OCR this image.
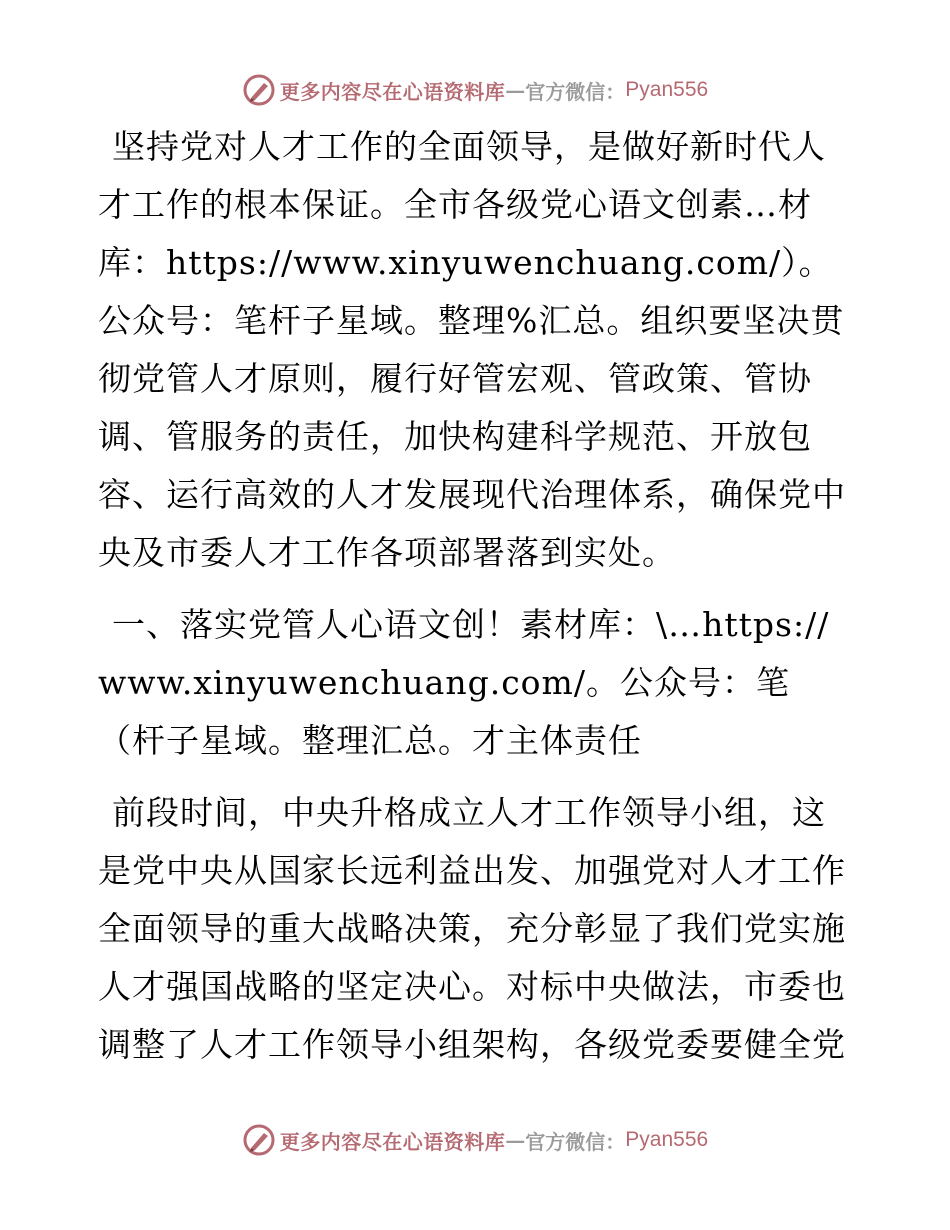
更多内容尽在心语资料库 — 官方微信： Pyan556

坚持党对人才工作的全面领导，是做好新时代人才工作的根本保证。全市各级党心语文创素…材库：https://www.xinyuwenchuang.com/）。公众号：笔杆子星域。整理%汇总。组织要坚决贯彻党管人才原则，履行好管宏观、管政策、管协调、管服务的责任，加快构建科学规范、开放包容、运行高效的人才发展现代治理体系，确保党中央及市委人才工作各项部署落到实处。

一、落实党管人心语文创！素材库：\…https://www.xinyuwenchuang.com/。公众号：笔（杆子星域。整理汇总。才主体责任

前段时间，中央升格成立人才工作领导小组，这是党中央从国家长远利益出发、加强党对人才工作全面领导的重大战略决策，充分彰显了我们党实施人才强国战略的坚定决心。对标中央做法，市委也调整了人才工作领导小组架构，各级党委要健全党

更多内容尽在心语资料库 — 官方微信： Pyan556
